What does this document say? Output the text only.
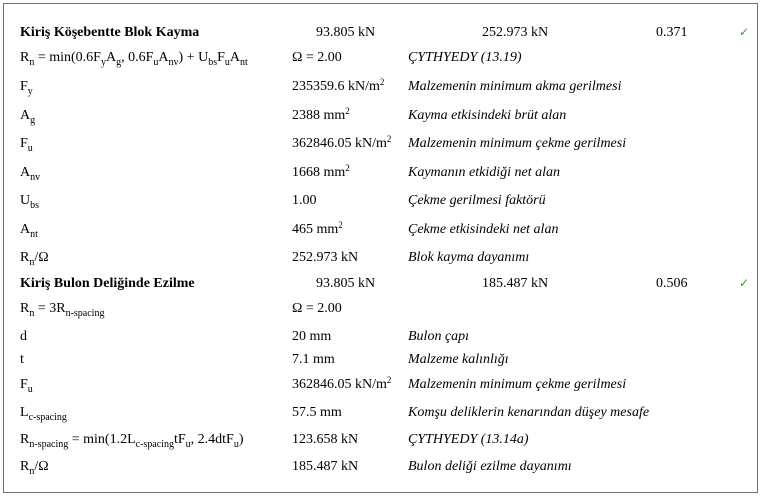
Kiriş Köşebentte Blok Kayma	93.805 kN	252.973 kN	0.371	✓
$R_n = \min(0.6F_yA_g$, $0.6F_uA_{nv}) + U_{bs}F_uA_{nt}$	Ω = 2.00	ÇYTHYEDY (13.19)
$F_y$	235359.6 $kN/m^2$ Malzemenin minimum akma gerilmesi
$A_g$	2388 $mm^2$	Kayma etkisindeki brüt alan
$F_u$	362846.05 $kN/m^2$ Malzemenin minimum çekme gerilmesi
$A_{nv}$	1668 $mm^2$	Kaymanın etkidiği net alan
$U_{bs}$	1.00	Çekme gerilmesi faktörü
$A_{nt}$	465 $mm^2$	Çekme etkisindeki net alan
$R_n/\Omega$	252.973 kN	Blok kayma dayanımı
Kiriş Bulon Deliğinde Ezilme	93.805 kN	185.487 kN	0.506	✓
$R_n = 3R_{n-spacing}$	Ω = 2.00
d	20 mm	Bulon çapı
t	7.1 mm	Malzeme kalınlığı
$F_u$	362846.05 $kN/m^2$ Malzemenin minimum çekme gerilmesi
$L_{c-spacing}$	57.5 mm	Komşu deliklerin kenarından düşey mesafe
$R_{n-spacing} = \min(1.2L_{c-spacing}tF_u$, 2.4dtF$_u$)	123.658 kN	ÇYTHYEDY (13.14a)
$R_n/\Omega$	185.487 kN	Bulon deliği ezilme dayanımı
